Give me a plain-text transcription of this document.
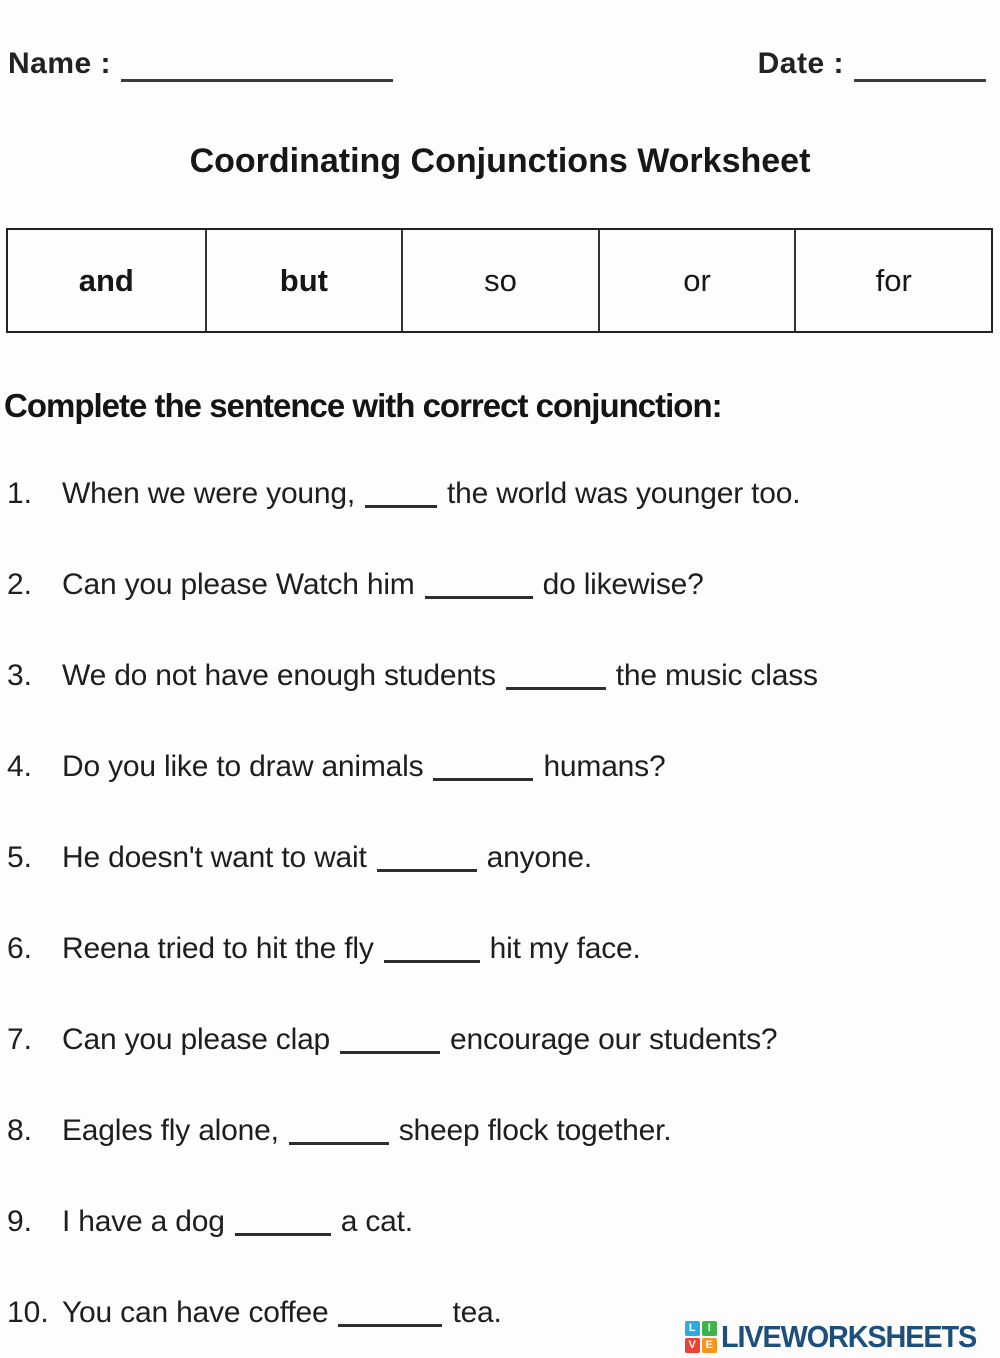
Name :	Date :
Coordinating Conjunctions Worksheet
and	but	so	or	for
Complete the sentence with correct conjunction:
1. When we were young,	the world was younger too.
2. Can you please Watch him	do likewise?
3. We do not have enough students	the music class
4. Do you like to draw animals	humans?
5. He doesn't want to wait	anyone.
6. Reena tried to hit the fly	hit my face.
7. Can you please clap	encourage our students?
8. Eagles fly alone,	sheep flock together.
9. I have a dog	a cat.
10. You can have coffee	tea.	L	I
V E LIVEWORKSHEETS
